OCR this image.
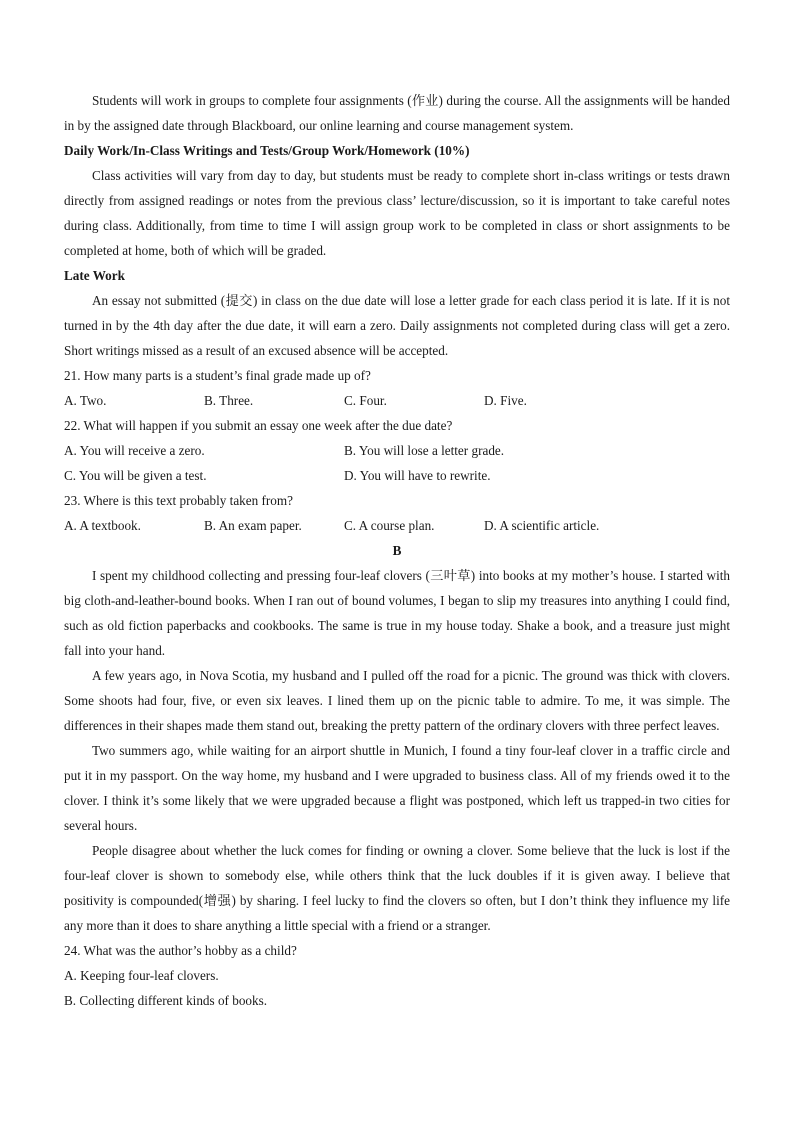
Students will work in groups to complete four assignments (作业) during the course. All the assignments will be handed in by the assigned date through Blackboard, our online learning and course management system.

Daily Work/In-Class Writings and Tests/Group Work/Homework (10%)

Class activities will vary from day to day, but students must be ready to complete short in-class writings or tests drawn directly from assigned readings or notes from the previous class’ lecture/discussion, so it is important to take careful notes during class. Additionally, from time to time I will assign group work to be completed in class or short assignments to be completed at home, both of which will be graded.

Late Work

An essay not submitted (提交) in class on the due date will lose a letter grade for each class period it is late. If it is not turned in by the 4th day after the due date, it will earn a zero. Daily assignments not completed during class will get a zero. Short writings missed as a result of an excused absence will be accepted.

21. How many parts is a student’s final grade made up of?

A. Two.	B. Three.	C. Four.	D. Five.

22. What will happen if you submit an essay one week after the due date?

A. You will receive a zero.	B. You will lose a letter grade.
C. You will be given a test.	D. You will have to rewrite.

23. Where is this text probably taken from?

A. A textbook.	B. An exam paper.	C. A course plan.	D. A scientific article.

B

I spent my childhood collecting and pressing four-leaf clovers (三叶草) into books at my mother’s house. I started with big cloth-and-leather-bound books. When I ran out of bound volumes, I began to slip my treasures into anything I could find, such as old fiction paperbacks and cookbooks. The same is true in my house today. Shake a book, and a treasure just might fall into your hand.

A few years ago, in Nova Scotia, my husband and I pulled off the road for a picnic. The ground was thick with clovers. Some shoots had four, five, or even six leaves. I lined them up on the picnic table to admire. To me, it was simple. The differences in their shapes made them stand out, breaking the pretty pattern of the ordinary clovers with three perfect leaves.

Two summers ago, while waiting for an airport shuttle in Munich, I found a tiny four-leaf clover in a traffic circle and put it in my passport. On the way home, my husband and I were upgraded to business class. All of my friends owed it to the clover. I think it’s some likely that we were upgraded because a flight was postponed, which left us trapped-in two cities for several hours.

People disagree about whether the luck comes for finding or owning a clover. Some believe that the luck is lost if the four-leaf clover is shown to somebody else, while others think that the luck doubles if it is given away. I believe that positivity is compounded(增强) by sharing. I feel lucky to find the clovers so often, but I don’t think they influence my life any more than it does to share anything a little special with a friend or a stranger.

24. What was the author’s hobby as a child?

A. Keeping four-leaf clovers.

B. Collecting different kinds of books.
